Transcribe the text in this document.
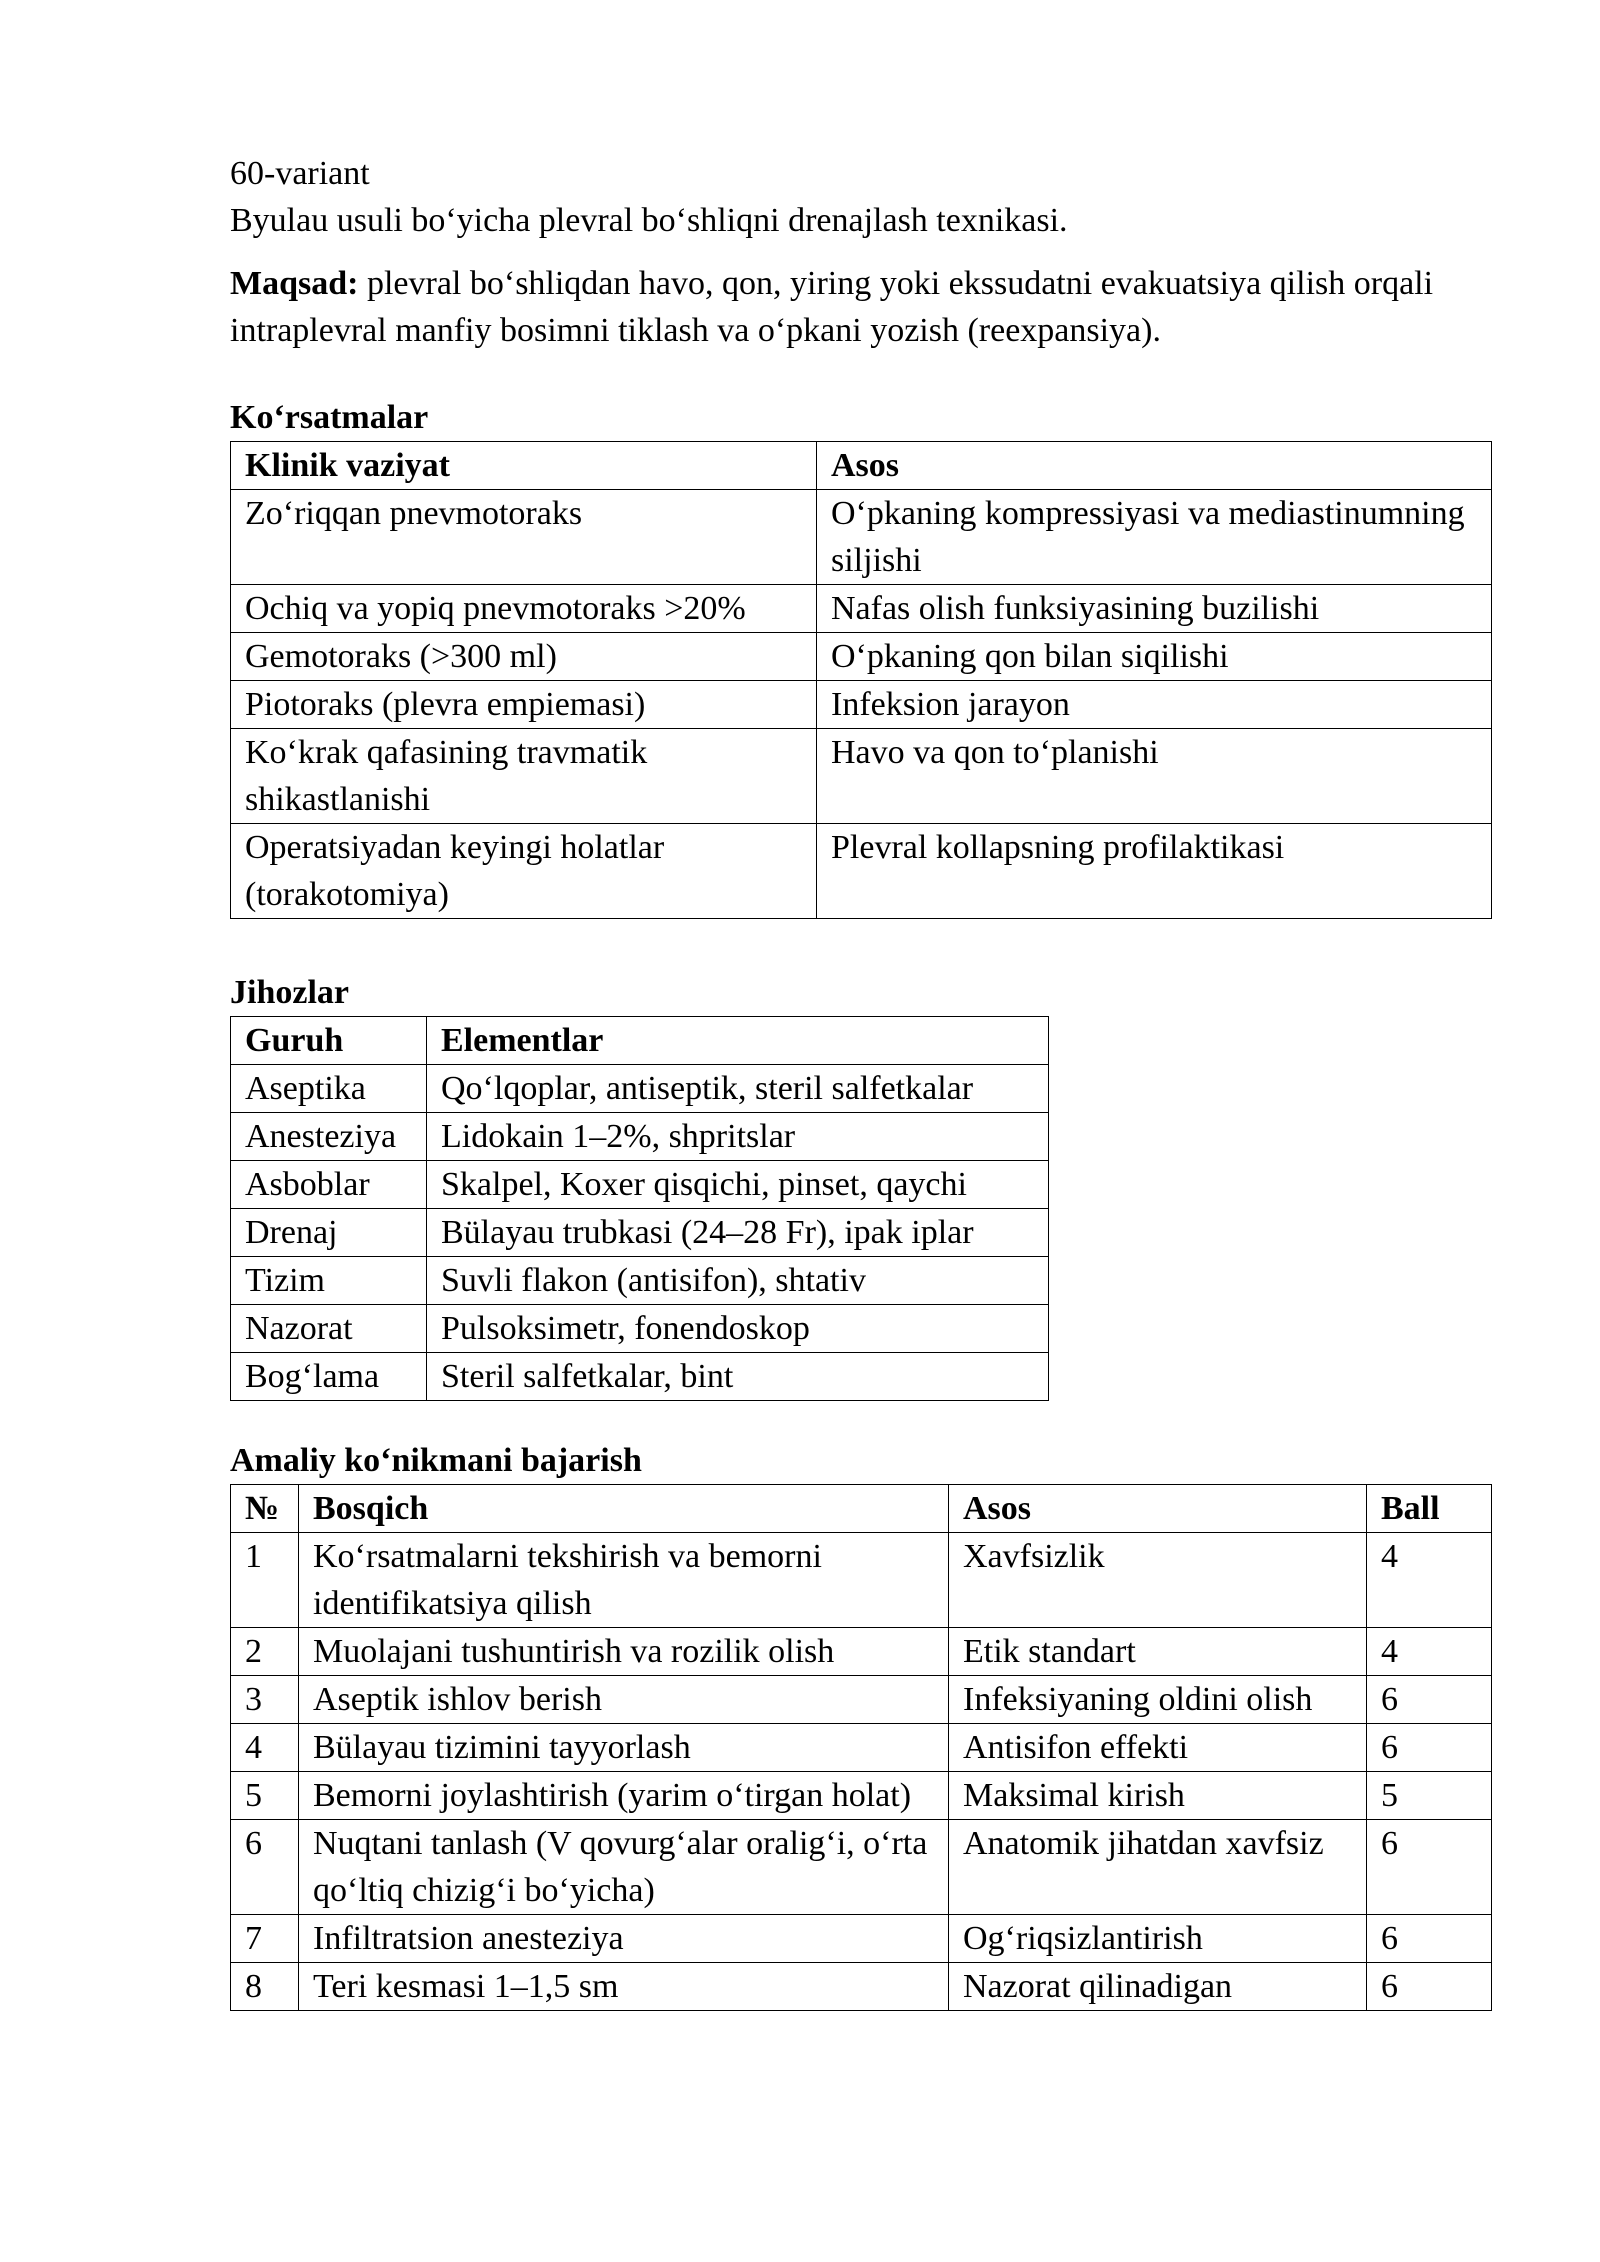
60-variant

Byulau usuli bo‘yicha plevral bo‘shliqni drenajlash texnikasi.

Maqsad: plevral bo‘shliqdan havo, qon, yiring yoki ekssudatni evakuatsiya qilish orqali intraplevral manfiy bosimni tiklash va o‘pkani yozish (reexpansiya).

Ko‘rsatmalar

Klinik vaziyat	Asos
Zo‘riqqan pnevmotoraks	O‘pkaning kompressiyasi va mediastinumning siljishi
Ochiq va yopiq pnevmotoraks >20%	Nafas olish funksiyasining buzilishi
Gemotoraks (>300 ml)	O‘pkaning qon bilan siqilishi
Piotoraks (plevra empiemasi)	Infeksion jarayon
Ko‘krak qafasining travmatik shikastlanishi	Havo va qon to‘planishi
Operatsiyadan keyingi holatlar (torakotomiya)	Plevral kollapsning profilaktikasi

Jihozlar

Guruh	Elementlar
Aseptika	Qo‘lqoplar, antiseptik, steril salfetkalar
Anesteziya	Lidokain 1–2%, shpritslar
Asboblar	Skalpel, Koxer qisqichi, pinset, qaychi
Drenaj	Bülayau trubkasi (24–28 Fr), ipak iplar
Tizim	Suvli flakon (antisifon), shtativ
Nazorat	Pulsoksimetr, fonendoskop
Bog‘lama	Steril salfetkalar, bint

Amaliy ko‘nikmani bajarish

№	Bosqich	Asos	Ball
1	Ko‘rsatmalarni tekshirish va bemorni identifikatsiya qilish	Xavfsizlik	4
2	Muolajani tushuntirish va rozilik olish	Etik standart	4
3	Aseptik ishlov berish	Infeksiyaning oldini olish	6
4	Bülayau tizimini tayyorlash	Antisifon effekti	6
5	Bemorni joylashtirish (yarim o‘tirgan holat)	Maksimal kirish	5
6	Nuqtani tanlash (V qovurg‘alar oralig‘i, o‘rta qo‘ltiq chizig‘i bo‘yicha)	Anatomik jihatdan xavfsiz	6
7	Infiltratsion anesteziya	Og‘riqsizlantirish	6
8	Teri kesmasi 1–1,5 sm	Nazorat qilinadigan	6
